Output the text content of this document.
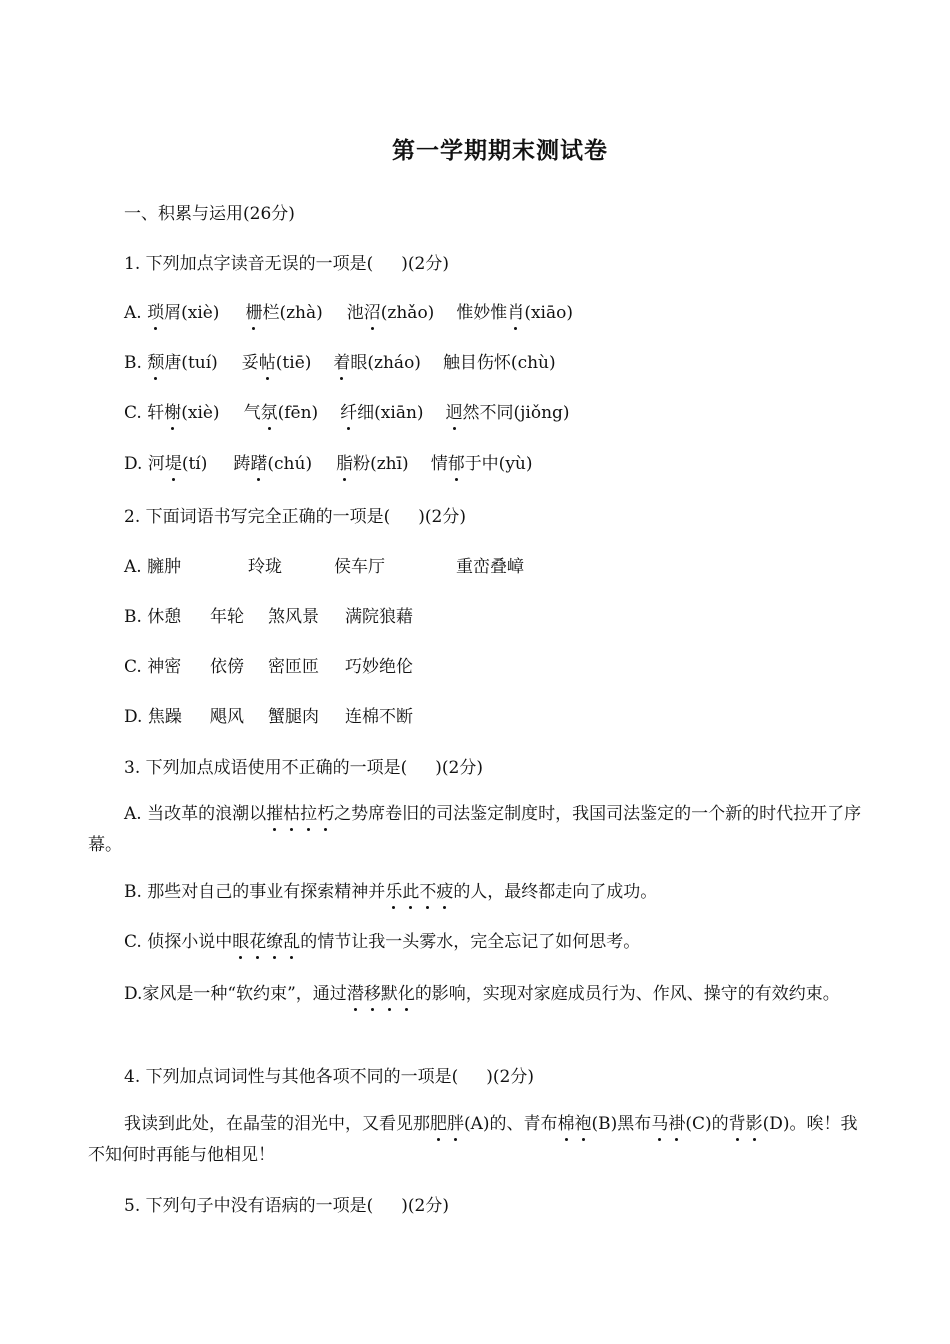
第一学期期末测试卷
一、积累与运用(26分)
1. 下列加点字读音无误的一项是( )(2分)
A. 琐屑(xiè) 栅栏(zhà) 池沼(zhǎo) 惟妙惟肖(xiāo)
B. 颓唐(tuí) 妥帖(tiē) 着眼(zháo) 触目伤怀(chù)
C. 轩榭(xiè) 气氛(fēn) 纤细(xiān) 迥然不同(jiǒng)
D. 河堤(tí) 踌躇(chú) 脂粉(zhī) 情郁于中(yù)
2. 下面词语书写完全正确的一项是( )(2分)
A. 臃肿	玲珑	侯车厅	重峦叠嶂
B. 休憩 年轮 煞风景 满院狼藉
C. 神密 依傍 密匝匝 巧妙绝伦
D. 焦躁 飓风 蟹腿肉 连棉不断
3. 下列加点成语使用不正确的一项是( )(2分)
A. 当改革的浪潮以摧枯拉朽之势席卷旧的司法鉴定制度时，我国司法鉴定的一个新的时代拉开了序幕。
B. 那些对自己的事业有探索精神并乐此不疲的人，最终都走向了成功。
C. 侦探小说中眼花缭乱的情节让我一头雾水，完全忘记了如何思考。
D.家风是一种“软约束”，通过潜移默化的影响，实现对家庭成员行为、作风、操守的有效约束。
4. 下列加点词词性与其他各项不同的一项是( )(2分)
我读到此处，在晶莹的泪光中，又看见那肥胖(A)的、青布棉袍(B)黑布马褂(C)的背影(D)。唉！我不知何时再能与他相见！
5. 下列句子中没有语病的一项是( )(2分)
